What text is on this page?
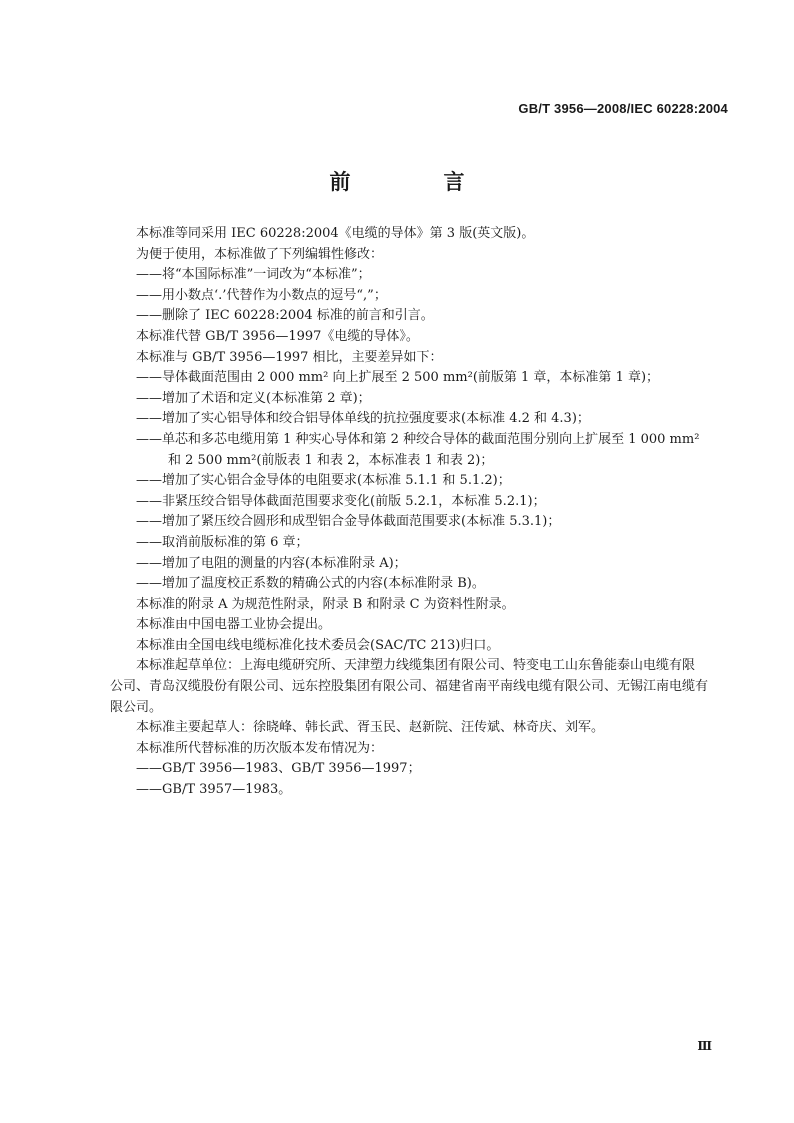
GB/T 3956—2008/IEC 60228:2004
前　言

本标准等同采用 IEC 60228:2004《电缆的导体》第 3 版(英文版)。

为便于使用，本标准做了下列编辑性修改：

——将“本国际标准”一词改为“本标准”；

——用小数点‘.’代替作为小数点的逗号“,”；

——删除了 IEC 60228:2004 标准的前言和引言。

本标准代替 GB/T 3956—1997《电缆的导体》。

本标准与 GB/T 3956—1997 相比，主要差异如下：

——导体截面范围由 2 000 mm² 向上扩展至 2 500 mm²(前版第 1 章，本标准第 1 章)；

——增加了术语和定义(本标准第 2 章)；

——增加了实心铝导体和绞合铝导体单线的抗拉强度要求(本标准 4.2 和 4.3)；

——单芯和多芯电缆用第 1 种实心导体和第 2 种绞合导体的截面范围分别向上扩展至 1 000 mm²
和 2 500 mm²(前版表 1 和表 2，本标准表 1 和表 2)；

——增加了实心铝合金导体的电阻要求(本标准 5.1.1 和 5.1.2)；

——非紧压绞合铝导体截面范围要求变化(前版 5.2.1，本标准 5.2.1)；

——增加了紧压绞合圆形和成型铝合金导体截面范围要求(本标准 5.3.1)；

——取消前版标准的第 6 章；

——增加了电阻的测量的内容(本标准附录 A)；

——增加了温度校正系数的精确公式的内容(本标准附录 B)。

本标准的附录 A 为规范性附录，附录 B 和附录 C 为资料性附录。

本标准由中国电器工业协会提出。

本标准由全国电线电缆标准化技术委员会(SAC/TC 213)归口。

本标准起草单位：上海电缆研究所、天津塑力线缆集团有限公司、特变电工山东鲁能泰山电缆有限

公司、青岛汉缆股份有限公司、远东控股集团有限公司、福建省南平南线电缆有限公司、无锡江南电缆有

限公司。

本标准主要起草人：徐晓峰、韩长武、胥玉民、赵新院、汪传斌、林奇庆、刘军。

本标准所代替标准的历次版本发布情况为：

——GB/T 3956—1983、GB/T 3956—1997；

——GB/T 3957—1983。

Ⅲ
